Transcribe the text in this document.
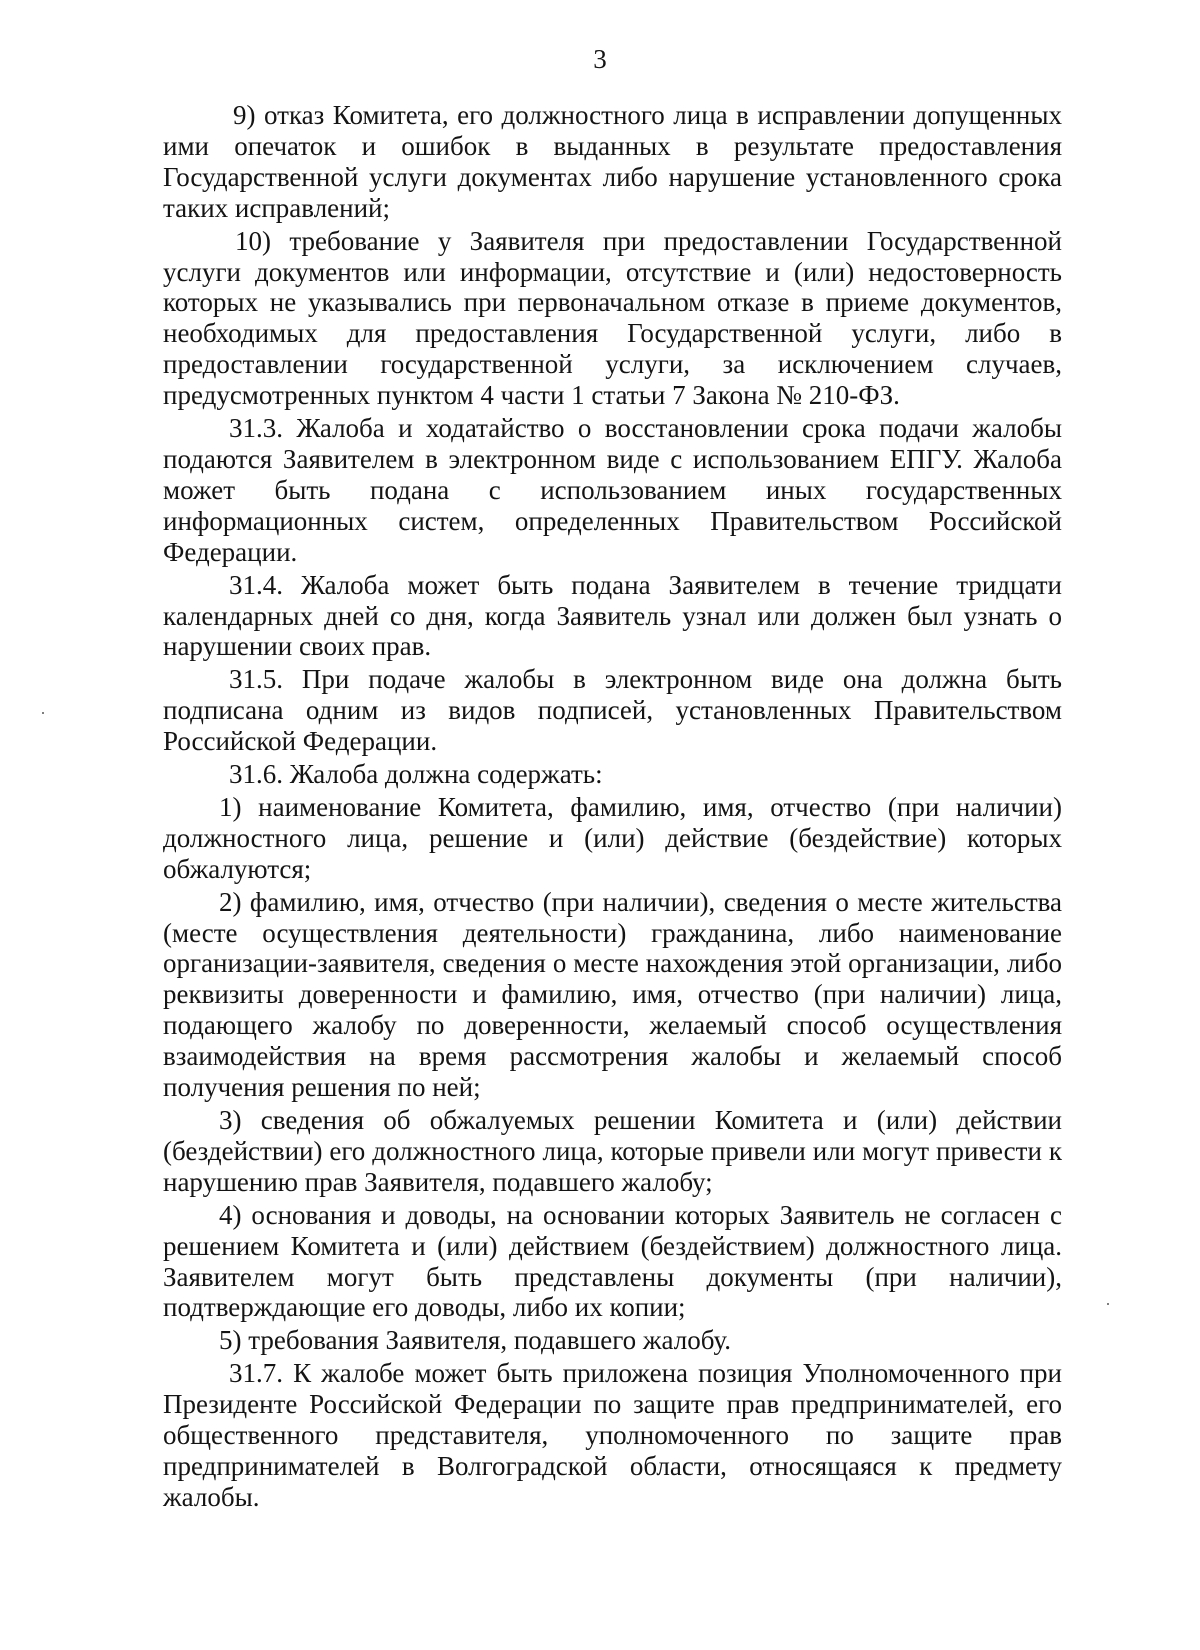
3

9) отказ Комитета, его должностного лица в исправлении допущенных ими опечаток и ошибок в выданных в результате предоставления Государственной услуги документах либо нарушение установленного срока таких исправлений;

10) требование у Заявителя при предоставлении Государственной услуги документов или информации, отсутствие и (или) недостоверность которых не указывались при первоначальном отказе в приеме документов, необходимых для предоставления Государственной услуги, либо в предоставлении государственной услуги, за исключением случаев, предусмотренных пунктом 4 части 1 статьи 7 Закона № 210-ФЗ.

31.3. Жалоба и ходатайство о восстановлении срока подачи жалобы подаются Заявителем в электронном виде с использованием ЕПГУ. Жалоба может быть подана с использованием иных государственных информационных систем, определенных Правительством Российской Федерации.

31.4. Жалоба может быть подана Заявителем в течение тридцати календарных дней со дня, когда Заявитель узнал или должен был узнать о нарушении своих прав.

31.5. При подаче жалобы в электронном виде она должна быть подписана одним из видов подписей, установленных Правительством Российской Федерации.

31.6. Жалоба должна содержать:

1) наименование Комитета, фамилию, имя, отчество (при наличии) должностного лица, решение и (или) действие (бездействие) которых обжалуются;

2) фамилию, имя, отчество (при наличии), сведения о месте жительства (месте осуществления деятельности) гражданина, либо наименование организации-заявителя, сведения о месте нахождения этой организации, либо реквизиты доверенности и фамилию, имя, отчество (при наличии) лица, подающего жалобу по доверенности, желаемый способ осуществления взаимодействия на время рассмотрения жалобы и желаемый способ получения решения по ней;

3) сведения об обжалуемых решении Комитета и (или) действии (бездействии) его должностного лица, которые привели или могут привести к нарушению прав Заявителя, подавшего жалобу;

4) основания и доводы, на основании которых Заявитель не согласен с решением Комитета и (или) действием (бездействием) должностного лица. Заявителем могут быть представлены документы (при наличии), подтверждающие его доводы, либо их копии;

5) требования Заявителя, подавшего жалобу.

31.7. К жалобе может быть приложена позиция Уполномоченного при Президенте Российской Федерации по защите прав предпринимателей, его общественного представителя, уполномоченного по защите прав предпринимателей в Волгоградской области, относящаяся к предмету жалобы.
